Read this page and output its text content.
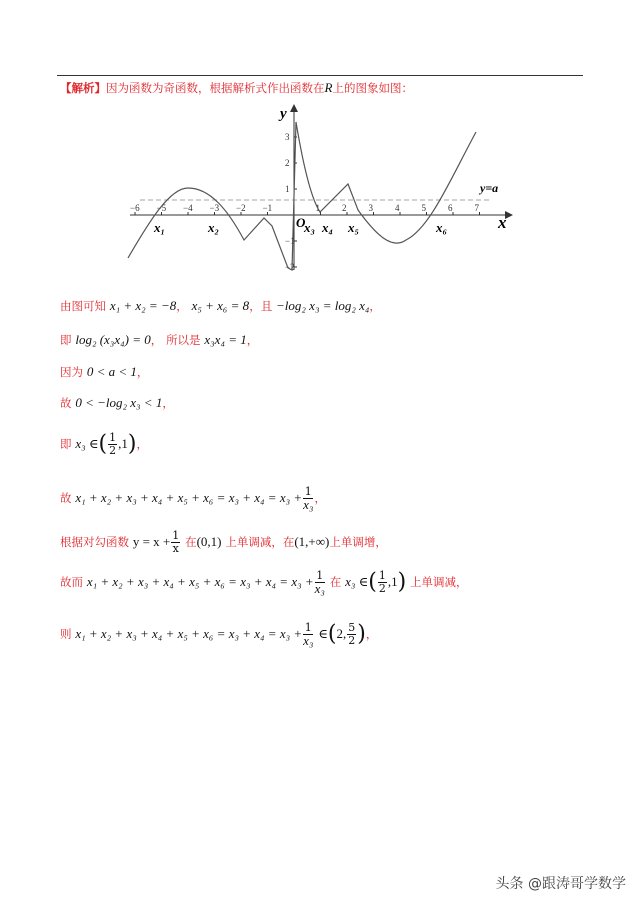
【解析】因为函数为奇函数，根据解析式作出函数在R上的图象如图：
y
x
−6 −5 −4 −3 −2 −1	1 2 3 4 5 6 7
3
2
1
−1
−2
y=a
O
x₁	x₂	x₃ x₄ x₅	x₆
由图可知 x₁ + x₂ = −8， x₅ + x₆ = 8，且 −log₂ x₃ = log₂ x₄，
即 log₂ (x₃x₄) = 0， 所以是 x₃x₄ = 1，
因为 0 < a < 1，
故 0 < −log₂ x₃ < 1，
即 x₃ ∈( $\frac{1}{2} ,1$)，
故 $x_1 + x_2 + x_3 + x_4 + x_5 + x_6 = x_3 + x_4 = x_3 + \frac{1}{\text{x₃}}$ ，
根据对勾函数 $y = x + \frac{1}{x}$ 在(0,1) 上单调减，在(1,+∞)上单调增，
故而 $x_1 + x_2 + x_3 + x_4 + x_5 + x_6 = x_3 + x_4 = x_3 + \frac{1}{\text{x₃}}$ 在 x₃ ∈( $\frac{1}{2} ,1$) 上单调减，
则 $x_1 + x_2 + x_3 + x_4 + x_5 + x_6 = x_3 + x_4 = x_3 + \frac{1}{\text{x₃}}$ ∈(2, $\frac{5}{2}$ )，
头条 @跟涛哥学数学
